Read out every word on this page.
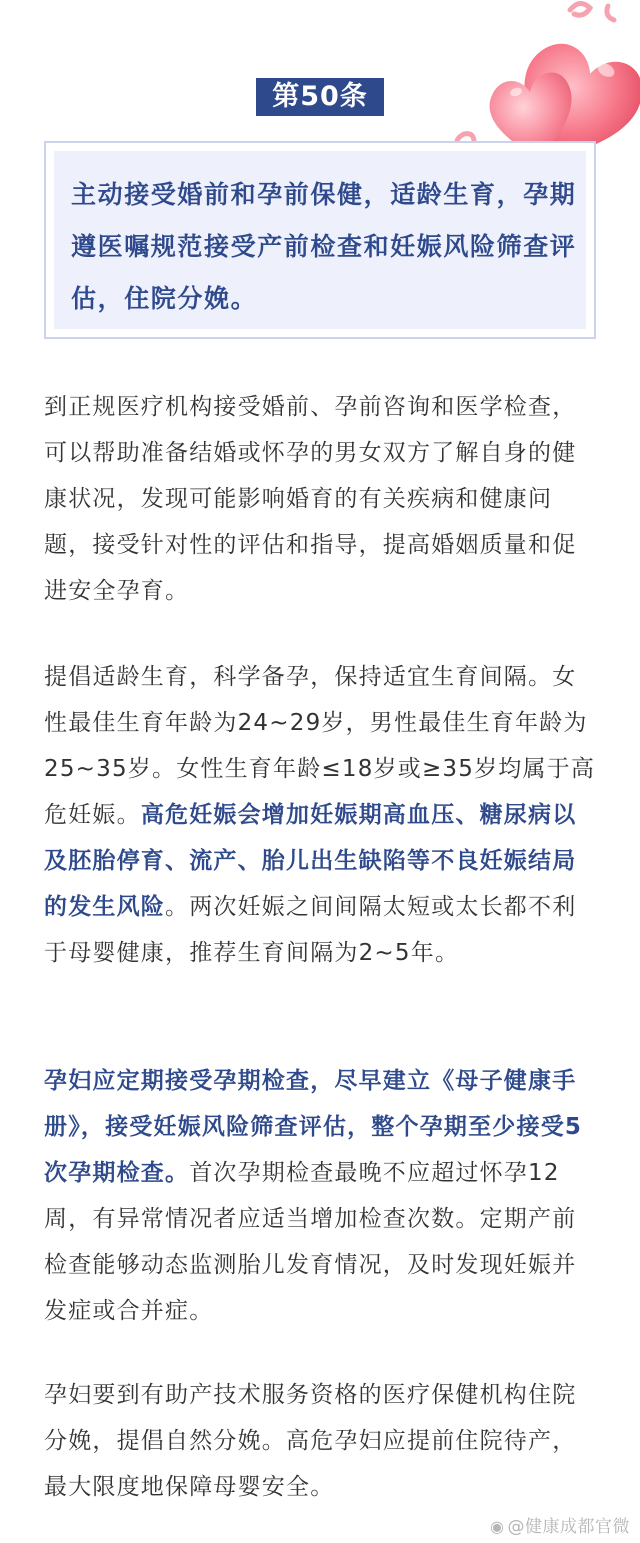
第50条

主动接受婚前和孕前保健，适龄生育，孕期遵医嘱规范接受产前检查和妊娠风险筛查评估，住院分娩。

到正规医疗机构接受婚前、孕前咨询和医学检查，可以帮助准备结婚或怀孕的男女双方了解自身的健康状况，发现可能影响婚育的有关疾病和健康问题，接受针对性的评估和指导，提高婚姻质量和促进安全孕育。

提倡适龄生育，科学备孕，保持适宜生育间隔。女性最佳生育年龄为24~29岁，男性最佳生育年龄为25~35岁。女性生育年龄≤18岁或≥35岁均属于高危妊娠。高危妊娠会增加妊娠期高血压、糖尿病以及胚胎停育、流产、胎儿出生缺陷等不良妊娠结局的发生风险。两次妊娠之间间隔太短或太长都不利于母婴健康，推荐生育间隔为2~5年。

孕妇应定期接受孕期检查，尽早建立《母子健康手册》，接受妊娠风险筛查评估，整个孕期至少接受5次孕期检查。首次孕期检查最晚不应超过怀孕12周，有异常情况者应适当增加检查次数。定期产前检查能够动态监测胎儿发育情况，及时发现妊娠并发症或合并症。

孕妇要到有助产技术服务资格的医疗保健机构住院分娩，提倡自然分娩。高危孕妇应提前住院待产，最大限度地保障母婴安全。

◉ @健康成都官微
